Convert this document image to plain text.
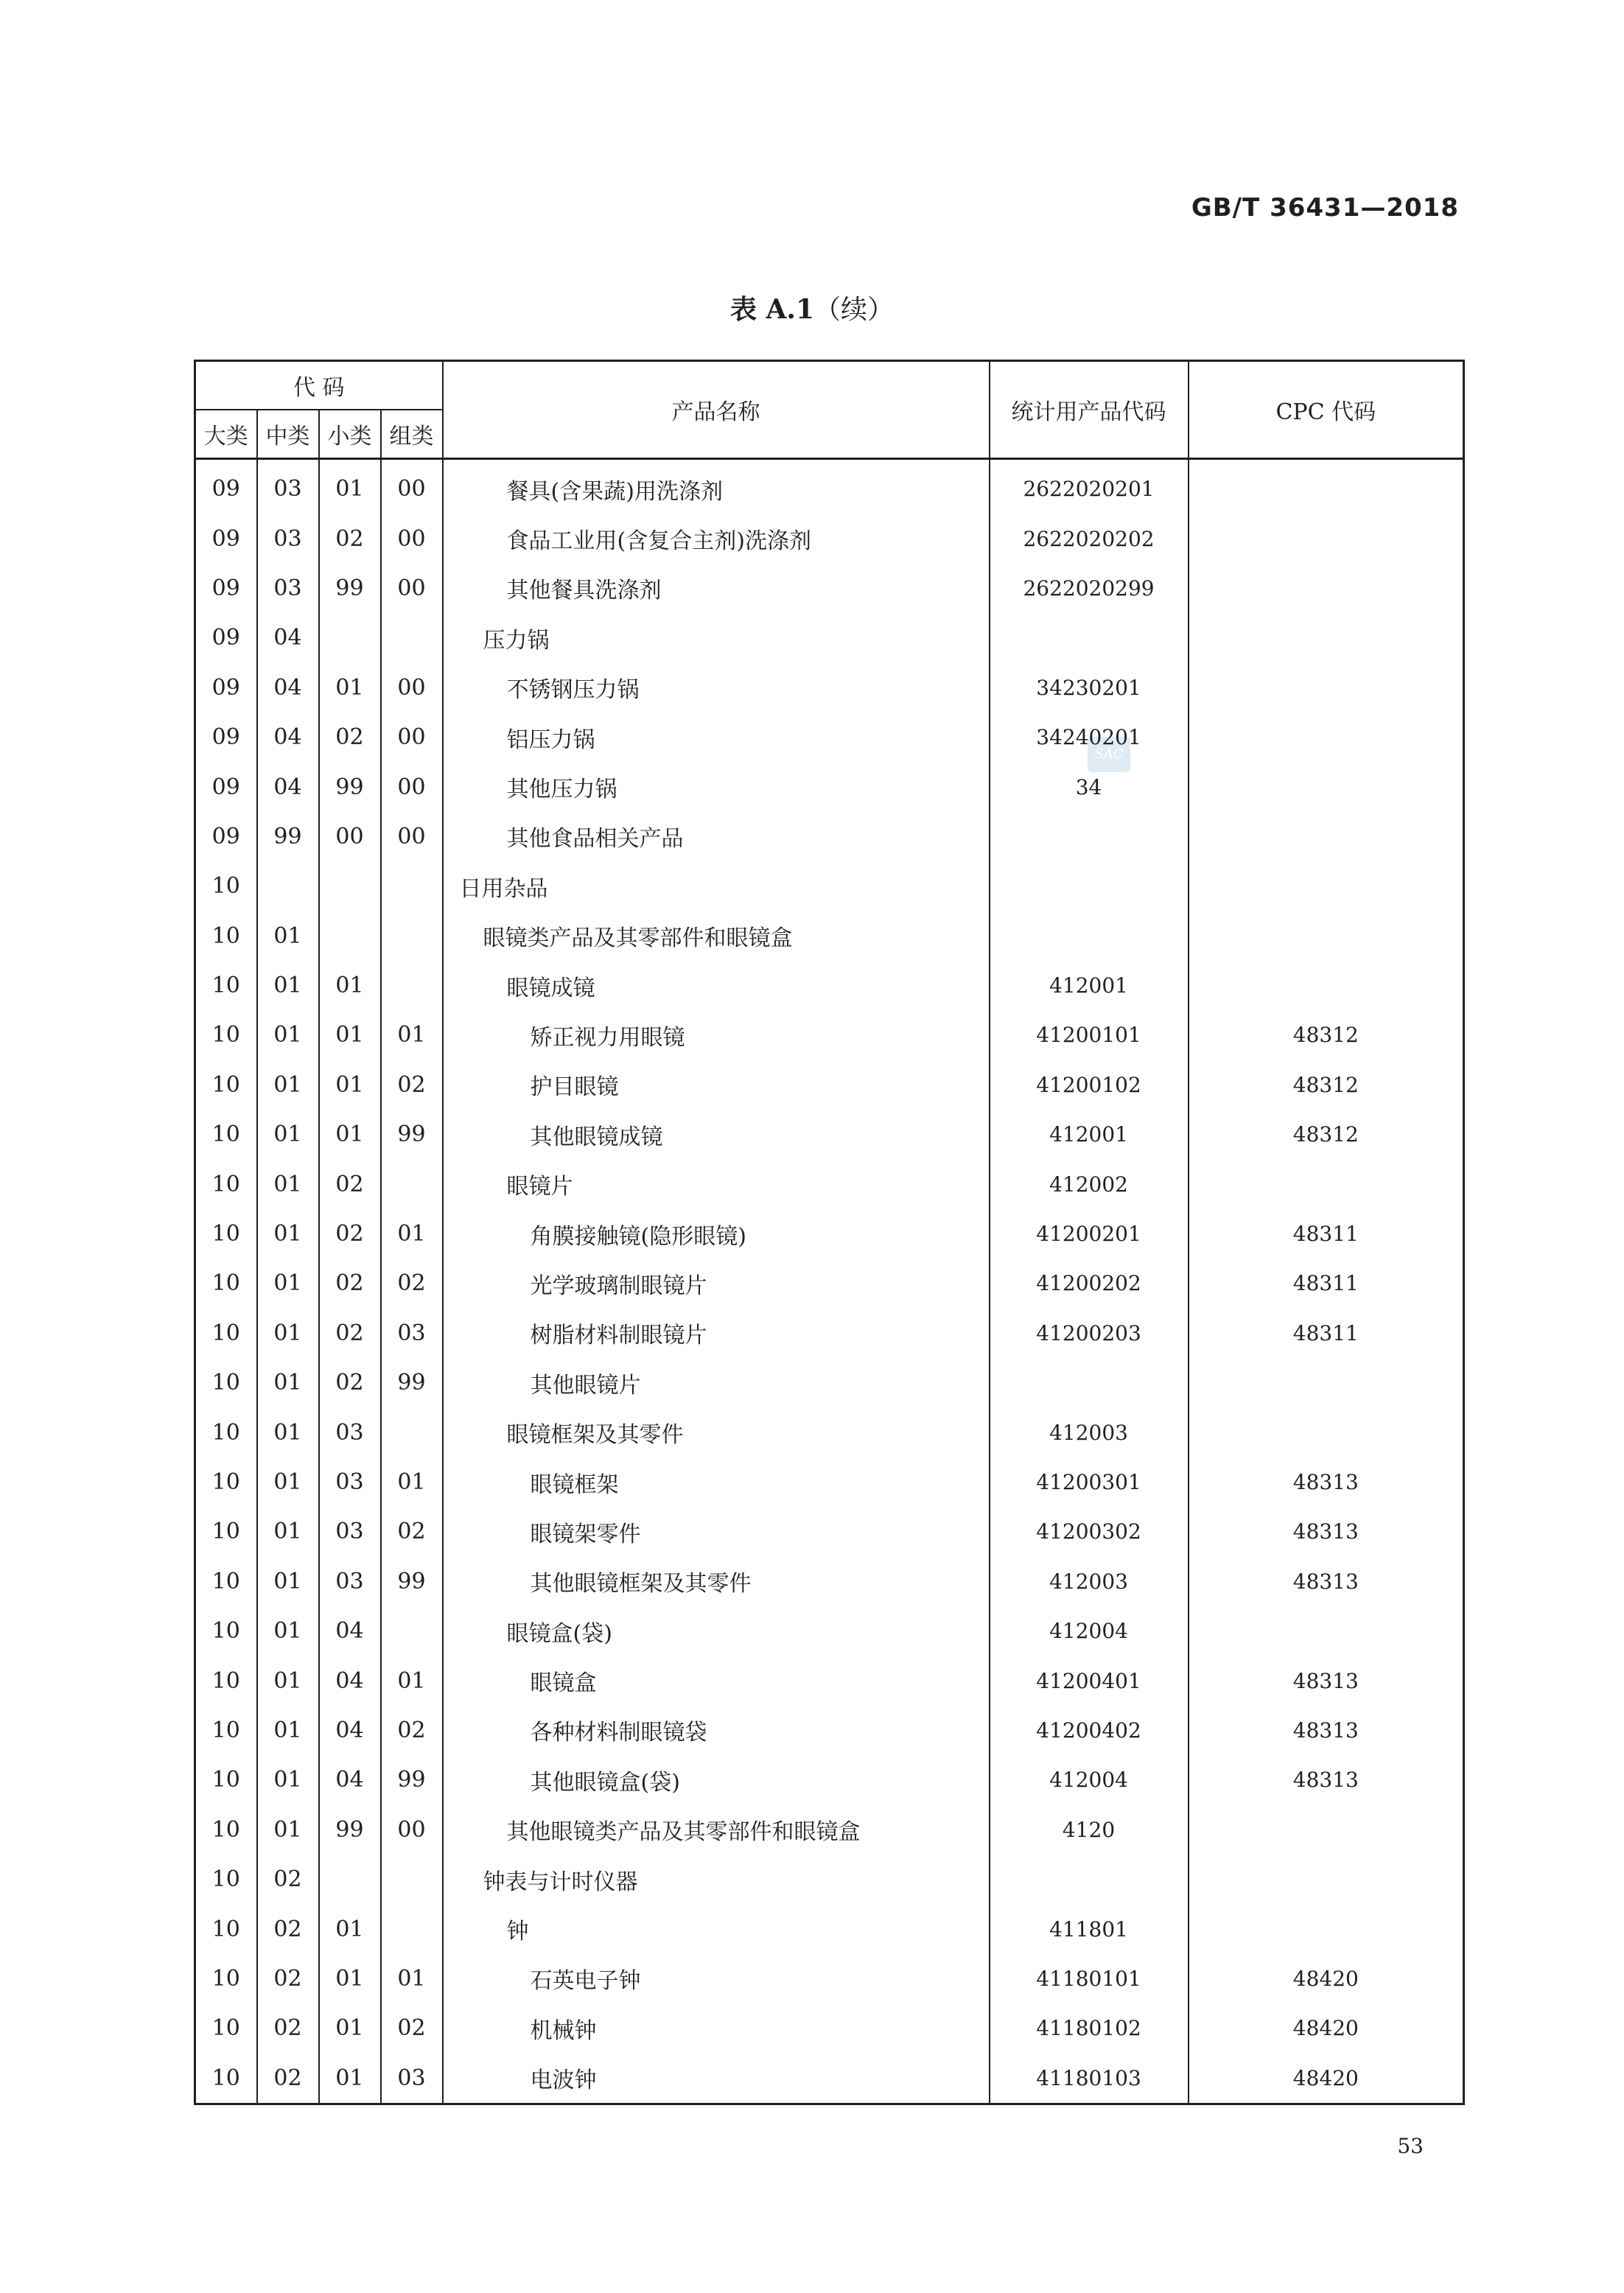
GB/T 36431—2018
表 A.1（续）
SAC
代 码				产品名称	统计用产品代码	CPC 代码
大类	中类	小类	组类			
09	03	01	00	餐具(含果蔬)用洗涤剂	2622020201	
09	03	02	00	食品工业用(含复合主剂)洗涤剂	2622020202	
09	03	99	00	其他餐具洗涤剂	2622020299	
09	04			压力锅		
09	04	01	00	不锈钢压力锅	34230201	
09	04	02	00	铝压力锅	34240201	
09	04	99	00	其他压力锅	34	
09	99	00	00	其他食品相关产品		
10				日用杂品		
10	01			眼镜类产品及其零部件和眼镜盒		
10	01	01		眼镜成镜	412001	
10	01	01	01	矫正视力用眼镜	41200101	48312
10	01	01	02	护目眼镜	41200102	48312
10	01	01	99	其他眼镜成镜	412001	48312
10	01	02		眼镜片	412002	
10	01	02	01	角膜接触镜(隐形眼镜)	41200201	48311
10	01	02	02	光学玻璃制眼镜片	41200202	48311
10	01	02	03	树脂材料制眼镜片	41200203	48311
10	01	02	99	其他眼镜片		
10	01	03		眼镜框架及其零件	412003	
10	01	03	01	眼镜框架	41200301	48313
10	01	03	02	眼镜架零件	41200302	48313
10	01	03	99	其他眼镜框架及其零件	412003	48313
10	01	04		眼镜盒(袋)	412004	
10	01	04	01	眼镜盒	41200401	48313
10	01	04	02	各种材料制眼镜袋	41200402	48313
10	01	04	99	其他眼镜盒(袋)	412004	48313
10	01	99	00	其他眼镜类产品及其零部件和眼镜盒	4120	
10	02			钟表与计时仪器		
10	02	01		钟	411801	
10	02	01	01	石英电子钟	41180101	48420
10	02	01	02	机械钟	41180102	48420
10	02	01	03	电波钟	41180103	48420
53
